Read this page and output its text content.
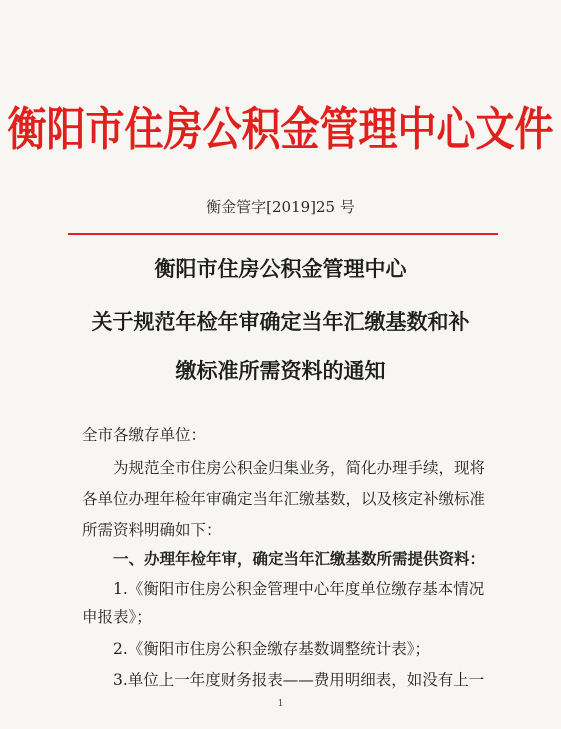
衡阳市住房公积金管理中心文件
衡金管字[2019]25 号
衡阳市住房公积金管理中心
关于规范年检年审确定当年汇缴基数和补
缴标准所需资料的通知
全市各缴存单位：
为规范全市住房公积金归集业务，简化办理手续，现将
各单位办理年检年审确定当年汇缴基数，以及核定补缴标准
所需资料明确如下：
一、办理年检年审，确定当年汇缴基数所需提供资料：
1.《衡阳市住房公积金管理中心年度单位缴存基本情况
申报表》；
2.《衡阳市住房公积金缴存基数调整统计表》；
3.单位上一年度财务报表——费用明细表，如没有上一
1
